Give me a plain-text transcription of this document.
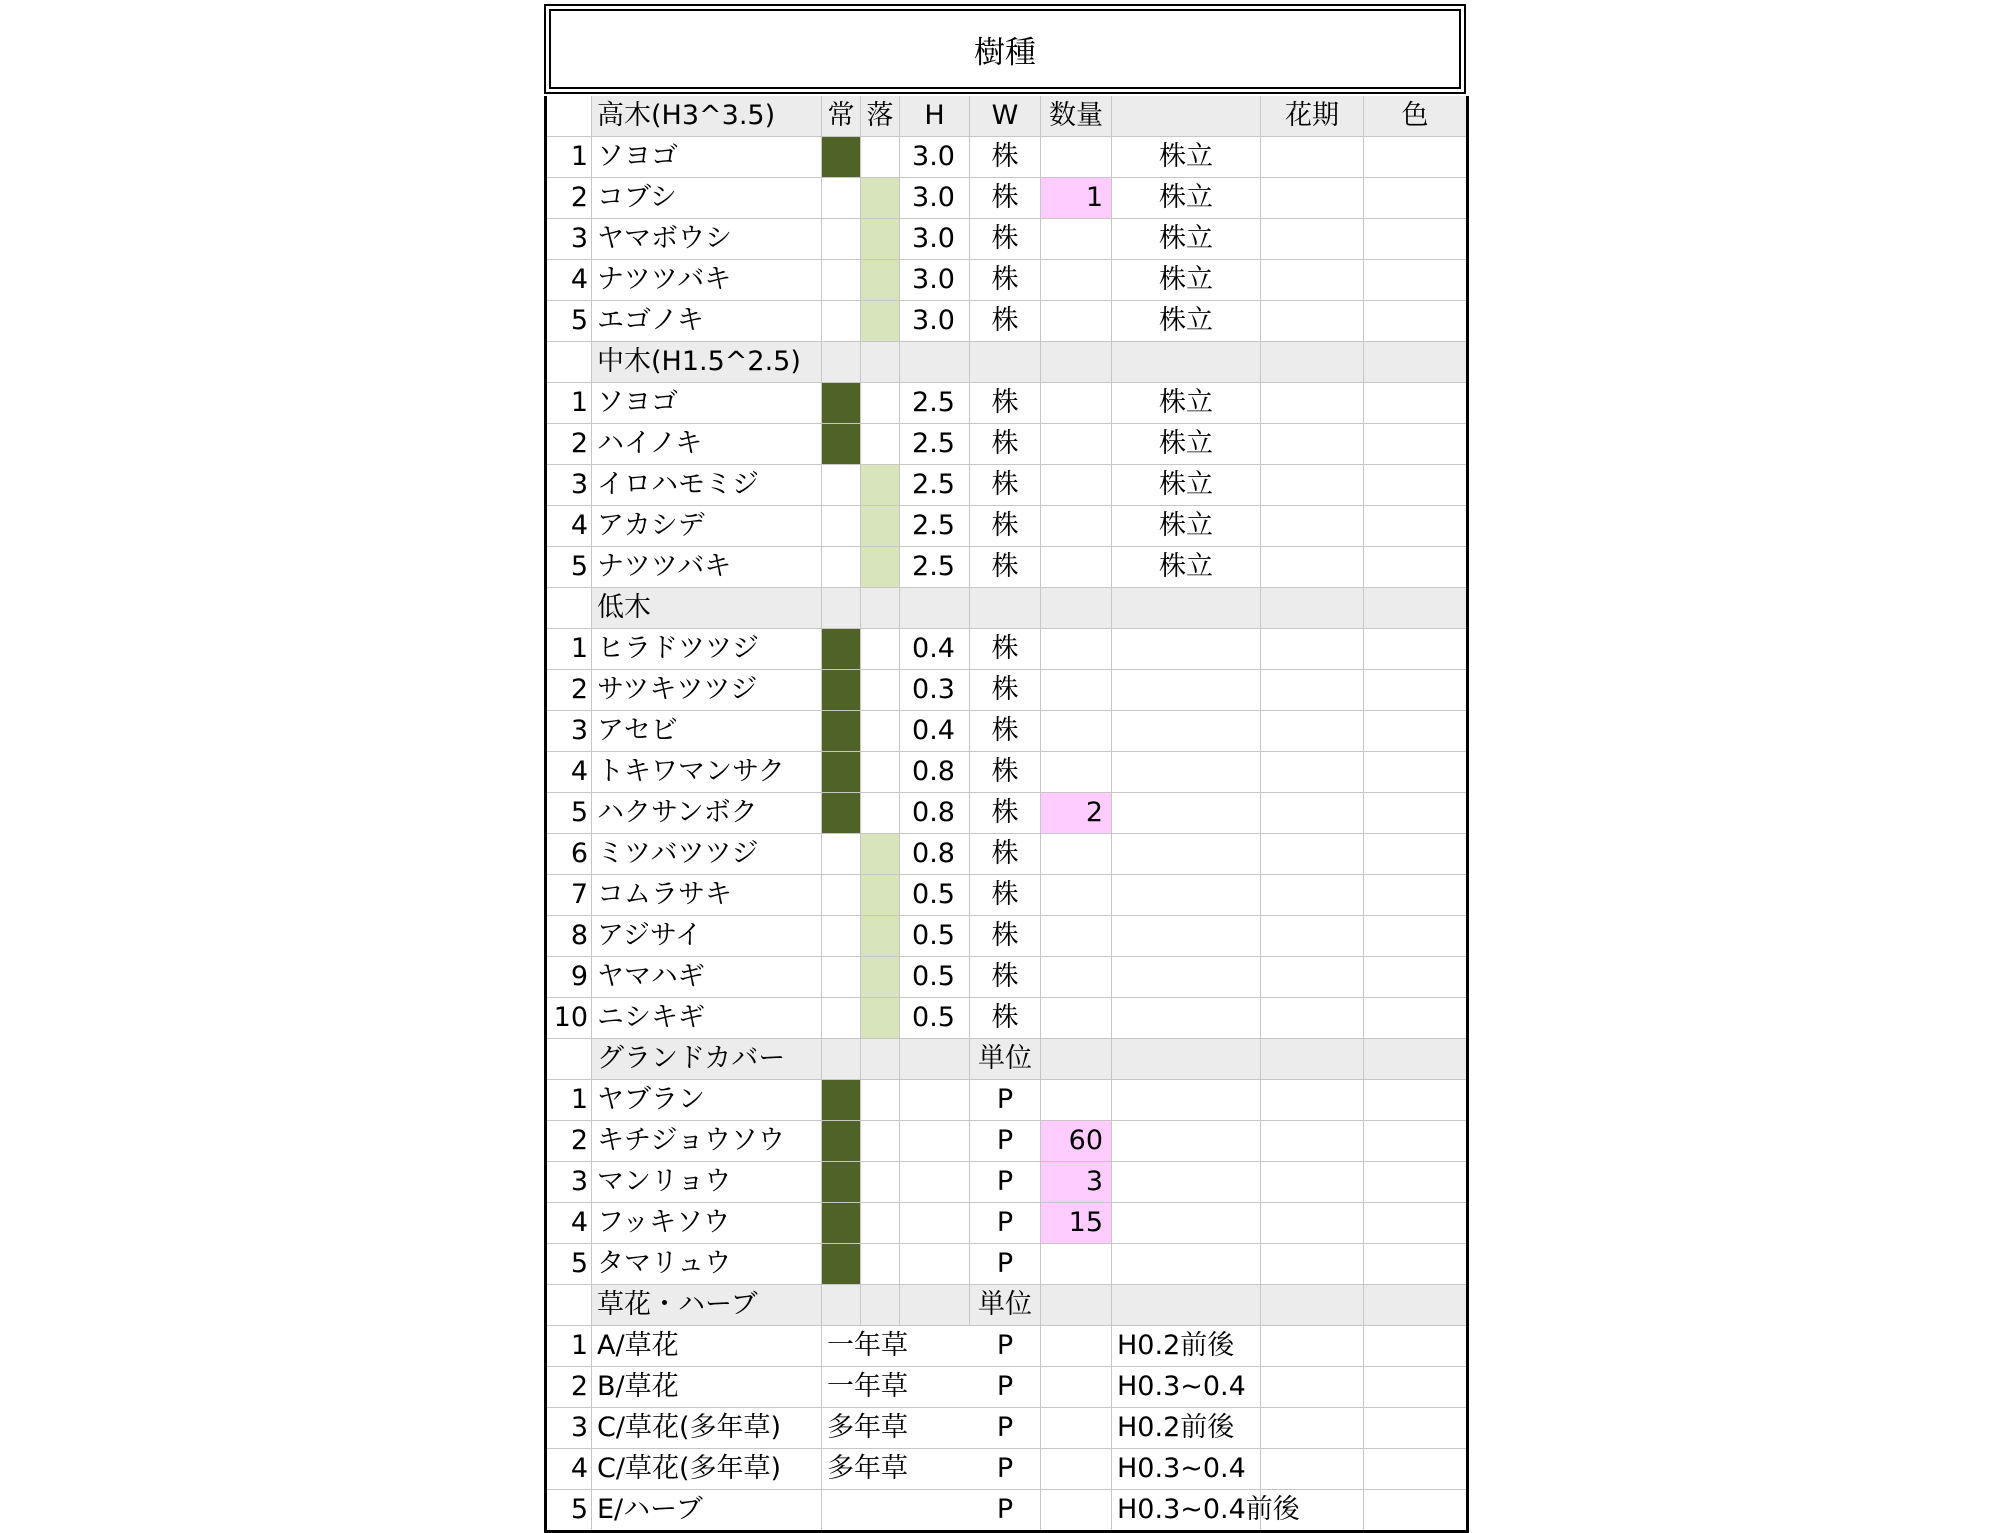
樹種
	高木(H3^3.5)	常	落	H	W	数量		花期	色
1	ソヨゴ			3.0	株		株立		
2	コブシ			3.0	株	1	株立		
3	ヤマボウシ			3.0	株		株立		
4	ナツツバキ			3.0	株		株立		
5	エゴノキ			3.0	株		株立		
	中木(H1.5^2.5)								
1	ソヨゴ			2.5	株		株立		
2	ハイノキ			2.5	株		株立		
3	イロハモミジ			2.5	株		株立		
4	アカシデ			2.5	株		株立		
5	ナツツバキ			2.5	株		株立		
	低木								
1	ヒラドツツジ			0.4	株				
2	サツキツツジ			0.3	株				
3	アセビ			0.4	株				
4	トキワマンサク			0.8	株				
5	ハクサンボク			0.8	株	2			
6	ミツバツツジ			0.8	株				
7	コムラサキ			0.5	株				
8	アジサイ			0.5	株				
9	ヤマハギ			0.5	株				
10	ニシキギ			0.5	株				
	グランドカバー				単位				
1	ヤブラン				P				
2	キチジョウソウ				P	60			
3	マンリョウ				P	3			
4	フッキソウ				P	15			
5	タマリュウ				P				
	草花・ハーブ				単位				
1	A/草花	一年草			P		H0.2前後		
2	B/草花	一年草			P		H0.3~0.4		
3	C/草花(多年草)	多年草			P		H0.2前後		
4	C/草花(多年草)	多年草			P		H0.3~0.4		
5	E/ハーブ				P		H0.3~0.4前後		
